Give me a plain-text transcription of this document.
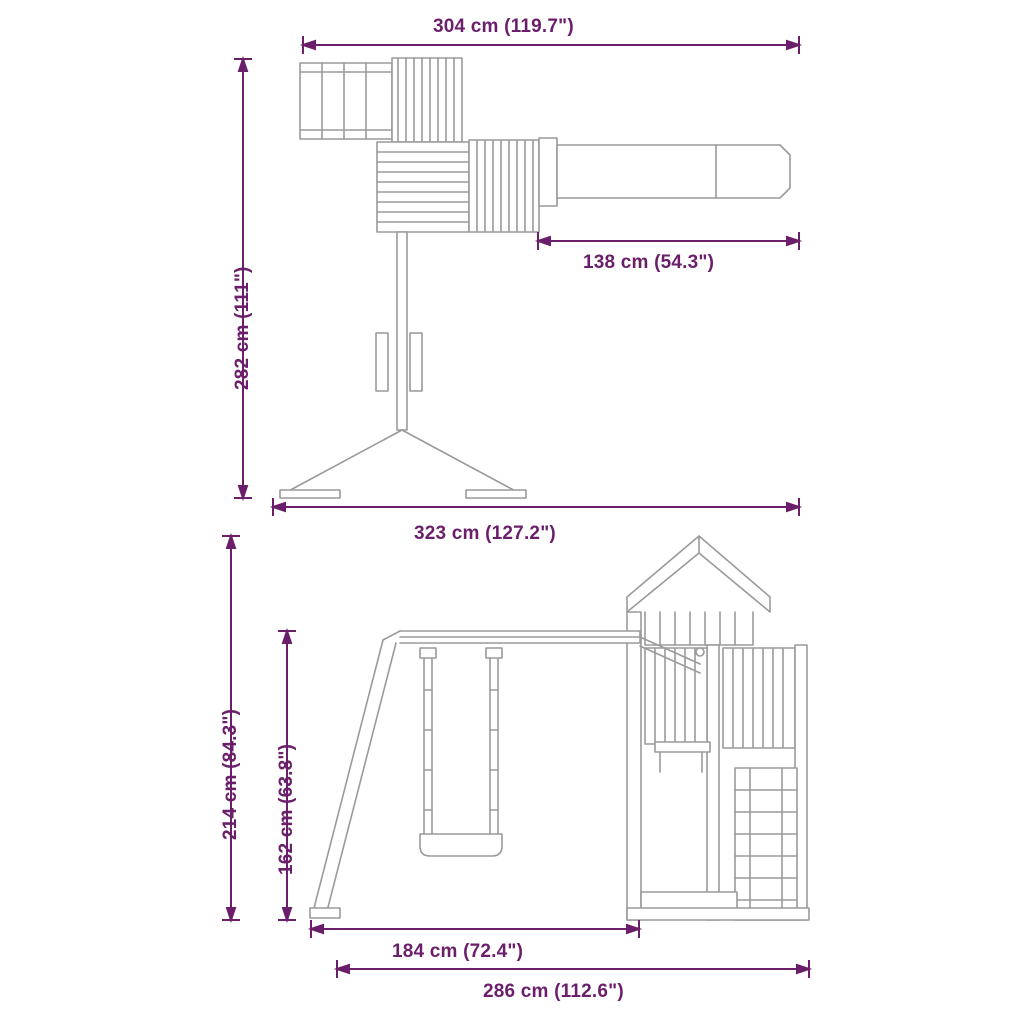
304 cm (119.7")
282 cm (111")
138 cm (54.3")
323 cm (127.2")
214 cm (84.3") 162 cm (63.8")
184 cm (72.4")
286 cm (112.6")
